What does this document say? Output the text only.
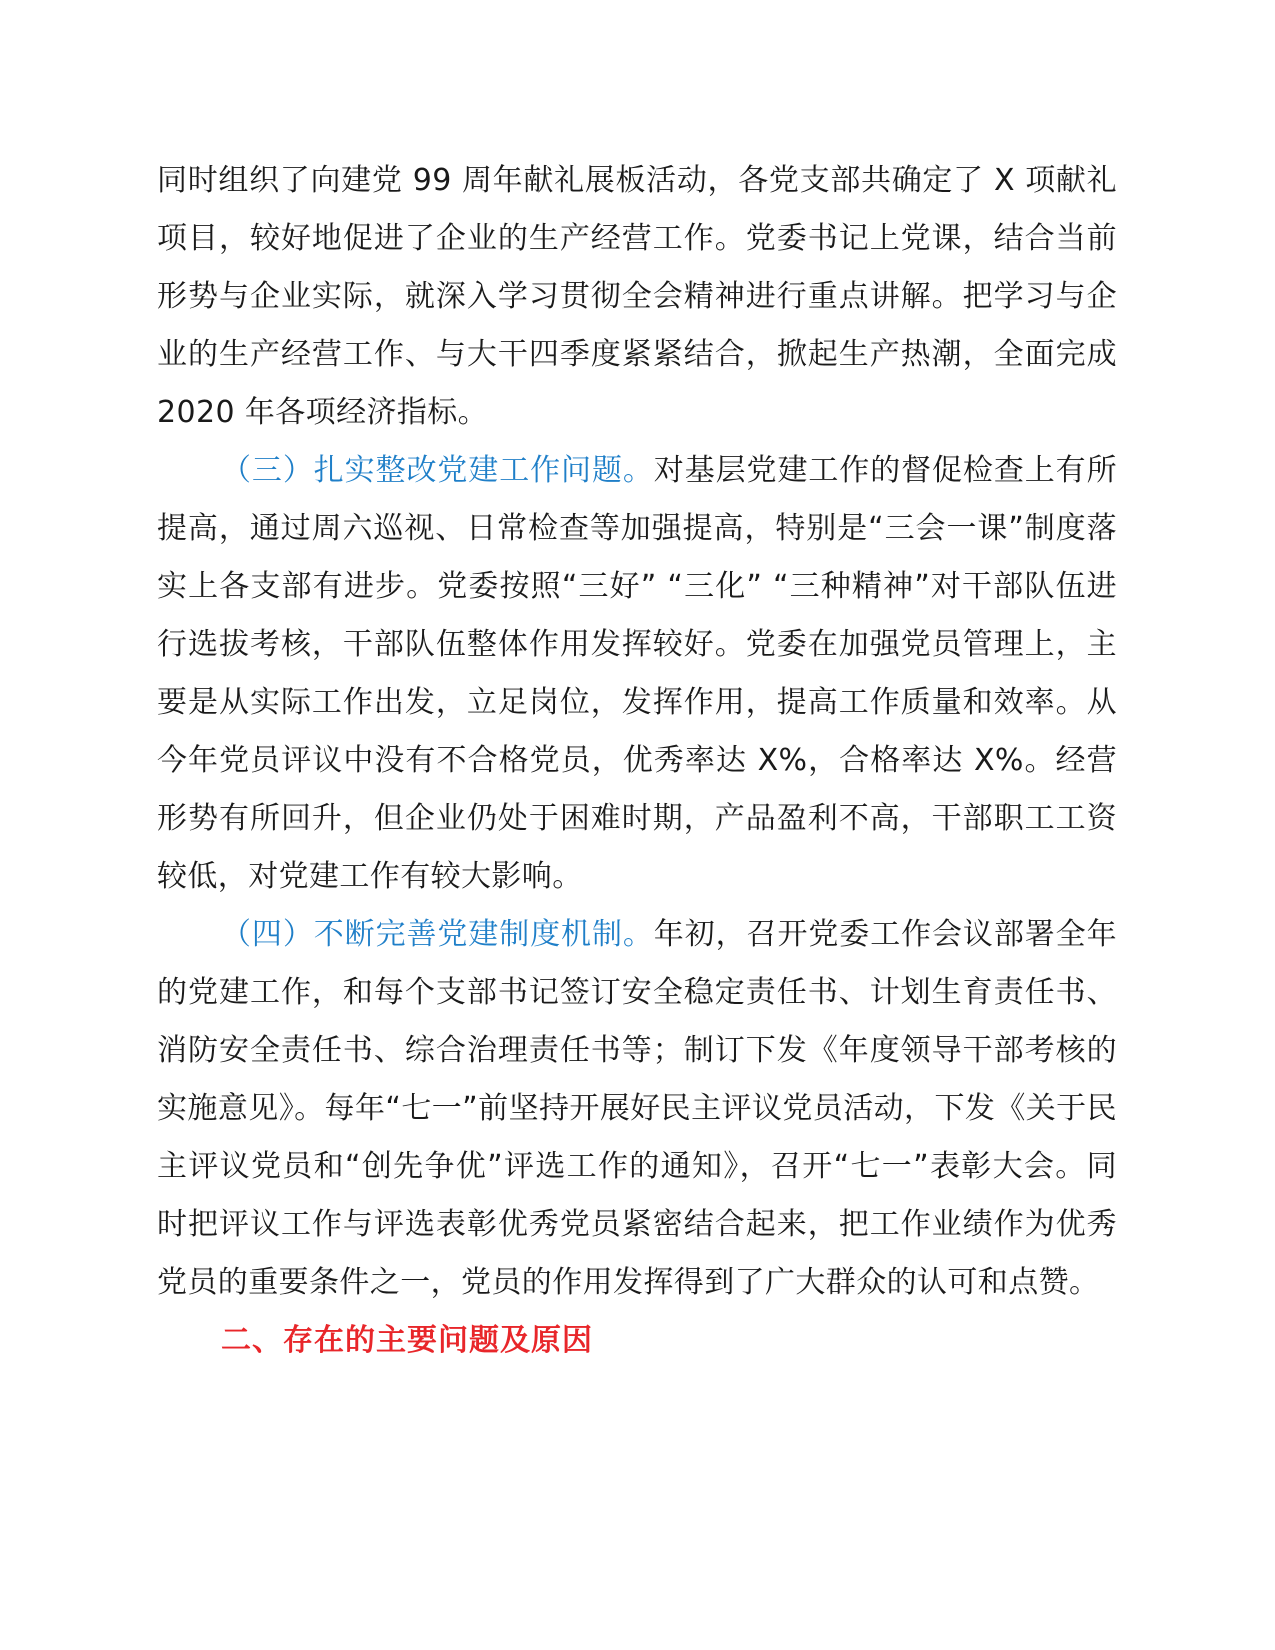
同时组织了向建党 99 周年献礼展板活动，各党支部共确定了 X 项献礼项目，较好地促进了企业的生产经营工作。党委书记上党课，结合当前形势与企业实际，就深入学习贯彻全会精神进行重点讲解。把学习与企业的生产经营工作、与大干四季度紧紧结合，掀起生产热潮，全面完成 2020 年各项经济指标。

（三）扎实整改党建工作问题。对基层党建工作的督促检查上有所提高，通过周六巡视、日常检查等加强提高，特别是“三会一课”制度落实上各支部有进步。党委按照“三好” “三化” “三种精神”对干部队伍进行选拔考核，干部队伍整体作用发挥较好。党委在加强党员管理上，主要是从实际工作出发，立足岗位，发挥作用，提高工作质量和效率。从今年党员评议中没有不合格党员，优秀率达 X%，合格率达 X%。经营形势有所回升，但企业仍处于困难时期，产品盈利不高，干部职工工资较低，对党建工作有较大影响。

（四）不断完善党建制度机制。年初，召开党委工作会议部署全年的党建工作，和每个支部书记签订安全稳定责任书、计划生育责任书、消防安全责任书、综合治理责任书等；制订下发《年度领导干部考核的实施意见》。每年“七一”前坚持开展好民主评议党员活动，下发《关于民主评议党员和“创先争优”评选工作的通知》，召开“七一”表彰大会。同时把评议工作与评选表彰优秀党员紧密结合起来，把工作业绩作为优秀党员的重要条件之一，党员的作用发挥得到了广大群众的认可和点赞。

二、存在的主要问题及原因
